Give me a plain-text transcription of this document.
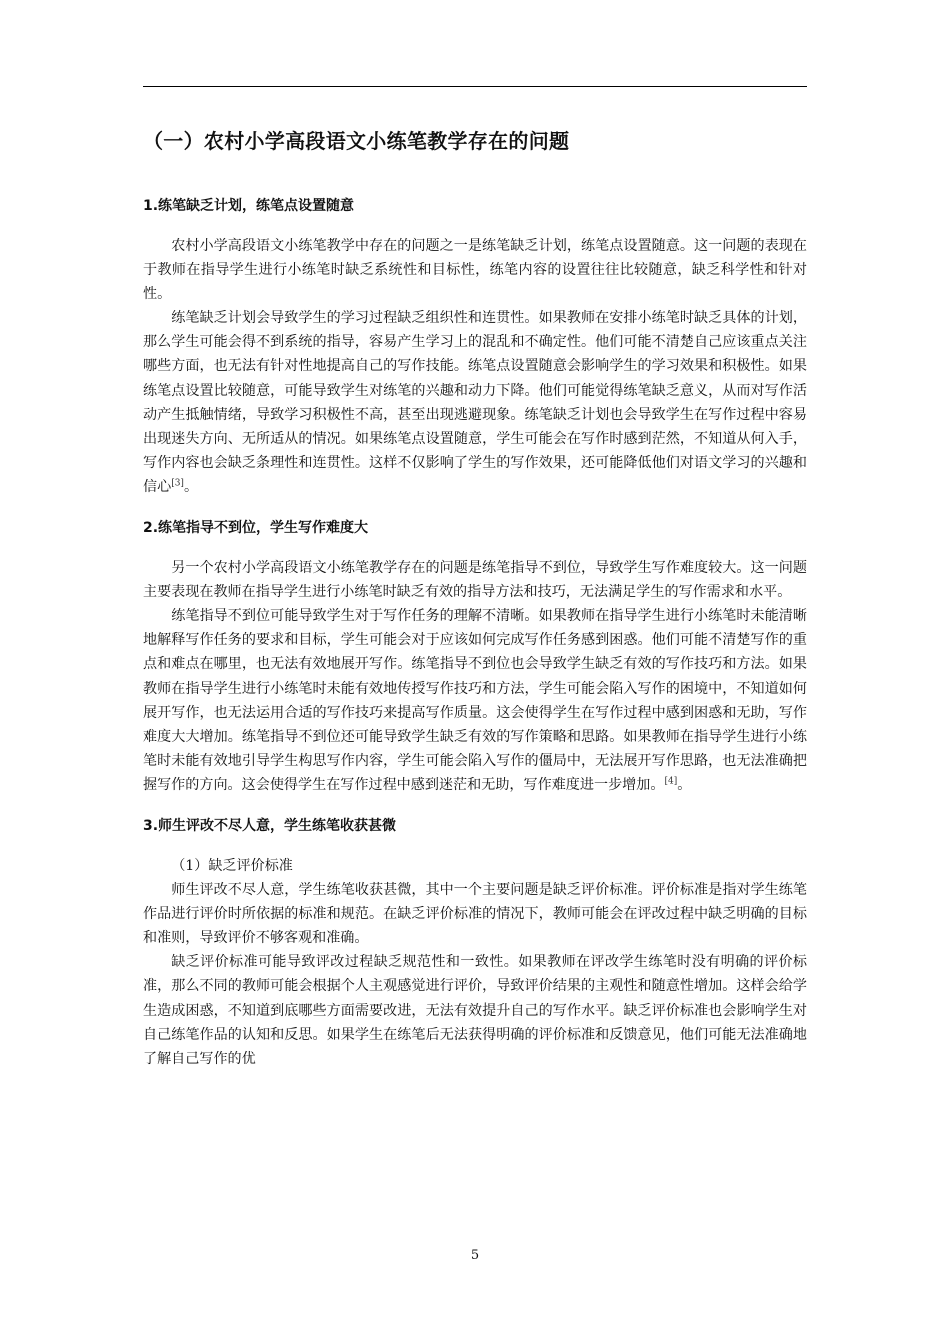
（一）农村小学高段语文小练笔教学存在的问题
1.练笔缺乏计划，练笔点设置随意

农村小学高段语文小练笔教学中存在的问题之一是练笔缺乏计划，练笔点设置随意。这一问题的表现在于教师在指导学生进行小练笔时缺乏系统性和目标性，练笔内容的设置往往比较随意，缺乏科学性和针对性。

练笔缺乏计划会导致学生的学习过程缺乏组织性和连贯性。如果教师在安排小练笔时缺乏具体的计划，那么学生可能会得不到系统的指导，容易产生学习上的混乱和不确定性。他们可能不清楚自己应该重点关注哪些方面，也无法有针对性地提高自己的写作技能。练笔点设置随意会影响学生的学习效果和积极性。如果练笔点设置比较随意，可能导致学生对练笔的兴趣和动力下降。他们可能觉得练笔缺乏意义，从而对写作活动产生抵触情绪，导致学习积极性不高，甚至出现逃避现象。练笔缺乏计划也会导致学生在写作过程中容易出现迷失方向、无所适从的情况。如果练笔点设置随意，学生可能会在写作时感到茫然，不知道从何入手，写作内容也会缺乏条理性和连贯性。这样不仅影响了学生的写作效果，还可能降低他们对语文学习的兴趣和信心[3]。

2.练笔指导不到位，学生写作难度大

另一个农村小学高段语文小练笔教学存在的问题是练笔指导不到位，导致学生写作难度较大。这一问题主要表现在教师在指导学生进行小练笔时缺乏有效的指导方法和技巧，无法满足学生的写作需求和水平。

练笔指导不到位可能导致学生对于写作任务的理解不清晰。如果教师在指导学生进行小练笔时未能清晰地解释写作任务的要求和目标，学生可能会对于应该如何完成写作任务感到困惑。他们可能不清楚写作的重点和难点在哪里，也无法有效地展开写作。练笔指导不到位也会导致学生缺乏有效的写作技巧和方法。如果教师在指导学生进行小练笔时未能有效地传授写作技巧和方法，学生可能会陷入写作的困境中，不知道如何展开写作，也无法运用合适的写作技巧来提高写作质量。这会使得学生在写作过程中感到困惑和无助，写作难度大大增加。练笔指导不到位还可能导致学生缺乏有效的写作策略和思路。如果教师在指导学生进行小练笔时未能有效地引导学生构思写作内容，学生可能会陷入写作的僵局中，无法展开写作思路，也无法准确把握写作的方向。这会使得学生在写作过程中感到迷茫和无助，写作难度进一步增加。[4]。

3.师生评改不尽人意，学生练笔收获甚微

（1）缺乏评价标准

师生评改不尽人意，学生练笔收获甚微，其中一个主要问题是缺乏评价标准。评价标准是指对学生练笔作品进行评价时所依据的标准和规范。在缺乏评价标准的情况下，教师可能会在评改过程中缺乏明确的目标和准则，导致评价不够客观和准确。

缺乏评价标准可能导致评改过程缺乏规范性和一致性。如果教师在评改学生练笔时没有明确的评价标准，那么不同的教师可能会根据个人主观感觉进行评价，导致评价结果的主观性和随意性增加。这样会给学生造成困惑，不知道到底哪些方面需要改进，无法有效提升自己的写作水平。缺乏评价标准也会影响学生对自己练笔作品的认知和反思。如果学生在练笔后无法获得明确的评价标准和反馈意见，他们可能无法准确地了解自己写作的优

5
